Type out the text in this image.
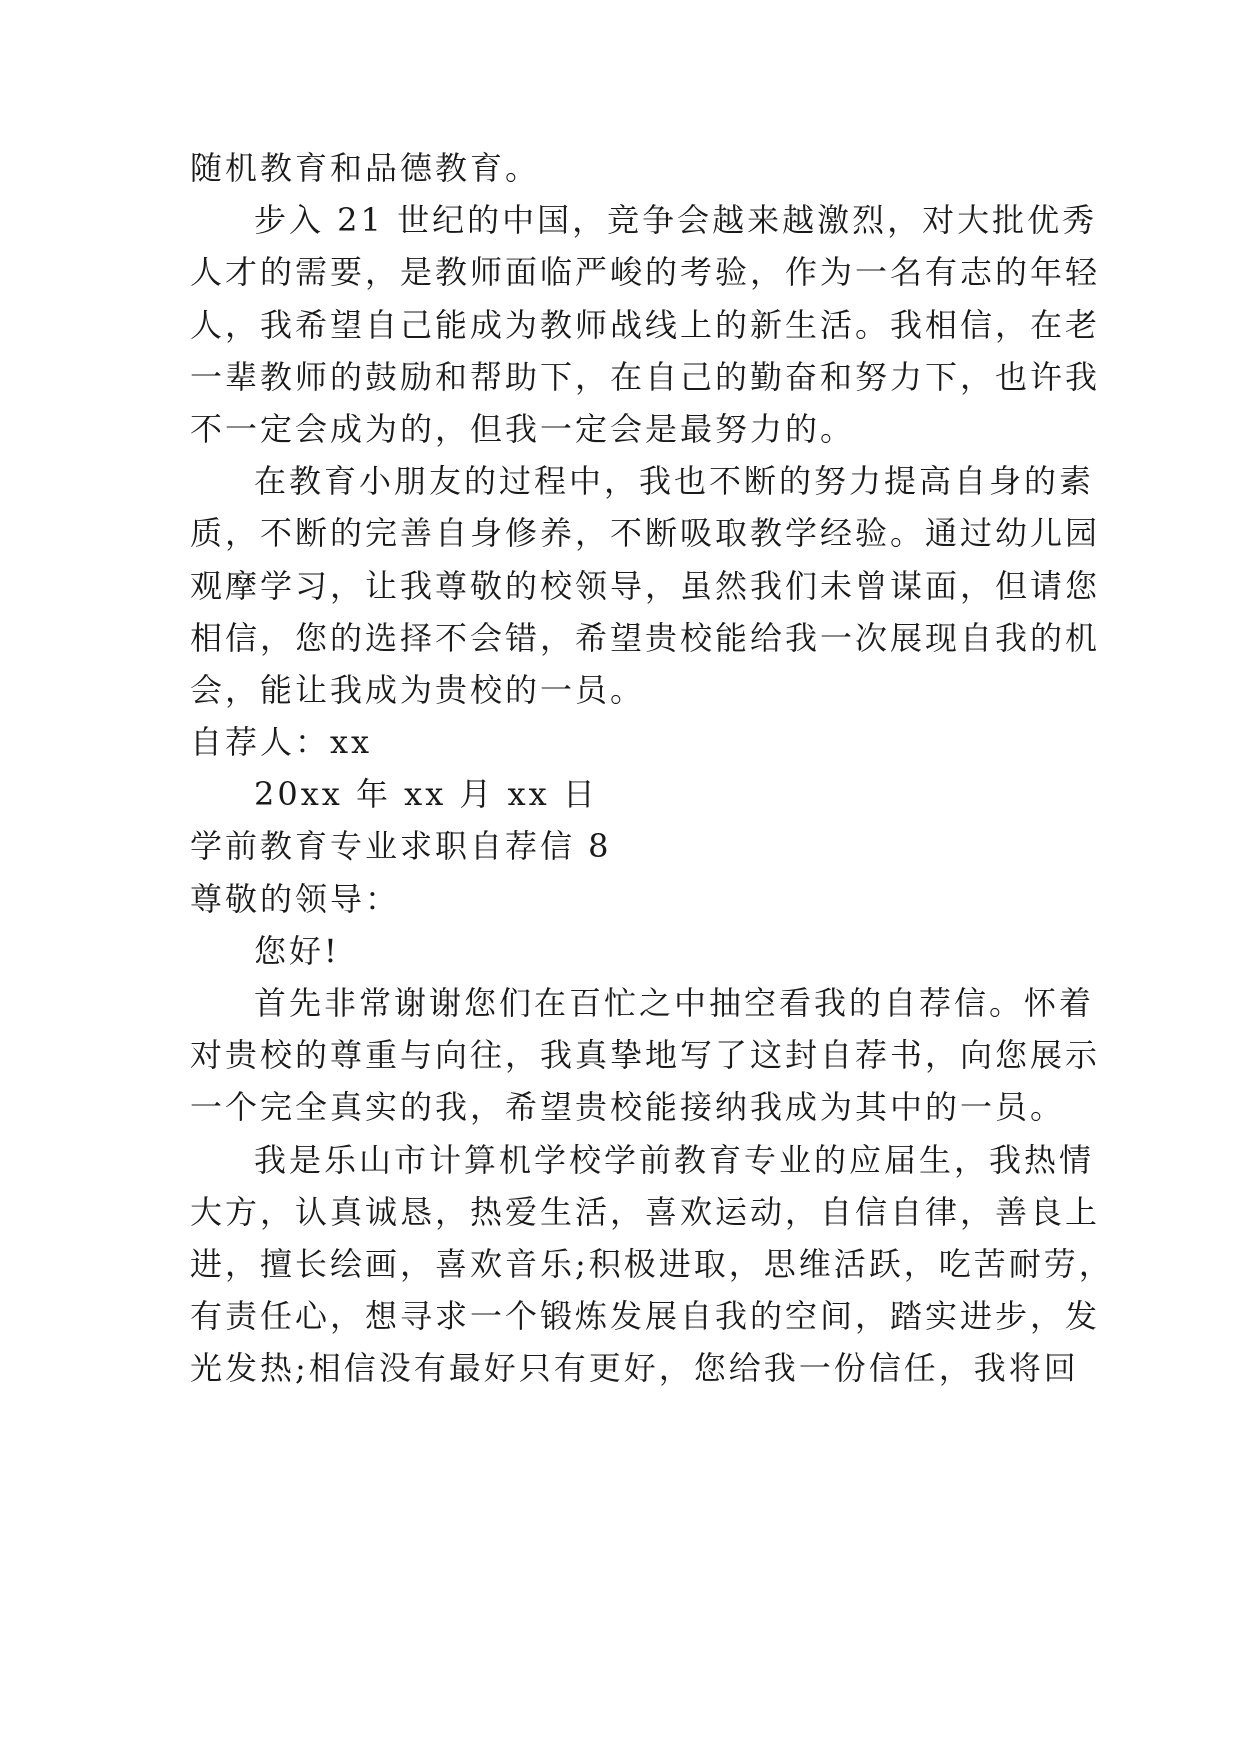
随机教育和品德教育。
步入 21 世纪的中国，竞争会越来越激烈，对大批优秀
人才的需要，是教师面临严峻的考验，作为一名有志的年轻
人，我希望自己能成为教师战线上的新生活。我相信，在老
一辈教师的鼓励和帮助下，在自己的勤奋和努力下，也许我
不一定会成为的，但我一定会是最努力的。
在教育小朋友的过程中，我也不断的努力提高自身的素
质，不断的完善自身修养，不断吸取教学经验。通过幼儿园
观摩学习，让我尊敬的校领导，虽然我们未曾谋面，但请您
相信，您的选择不会错，希望贵校能给我一次展现自我的机
会，能让我成为贵校的一员。
自荐人：xx
20xx 年 xx 月 xx 日
学前教育专业求职自荐信 8
尊敬的领导：
您好!
首先非常谢谢您们在百忙之中抽空看我的自荐信。怀着
对贵校的尊重与向往，我真挚地写了这封自荐书，向您展示
一个完全真实的我，希望贵校能接纳我成为其中的一员。
我是乐山市计算机学校学前教育专业的应届生，我热情
大方，认真诚恳，热爱生活，喜欢运动，自信自律，善良上
进，擅长绘画，喜欢音乐;积极进取，思维活跃，吃苦耐劳，
有责任心，想寻求一个锻炼发展自我的空间，踏实进步，发
光发热;相信没有最好只有更好，您给我一份信任，我将回
